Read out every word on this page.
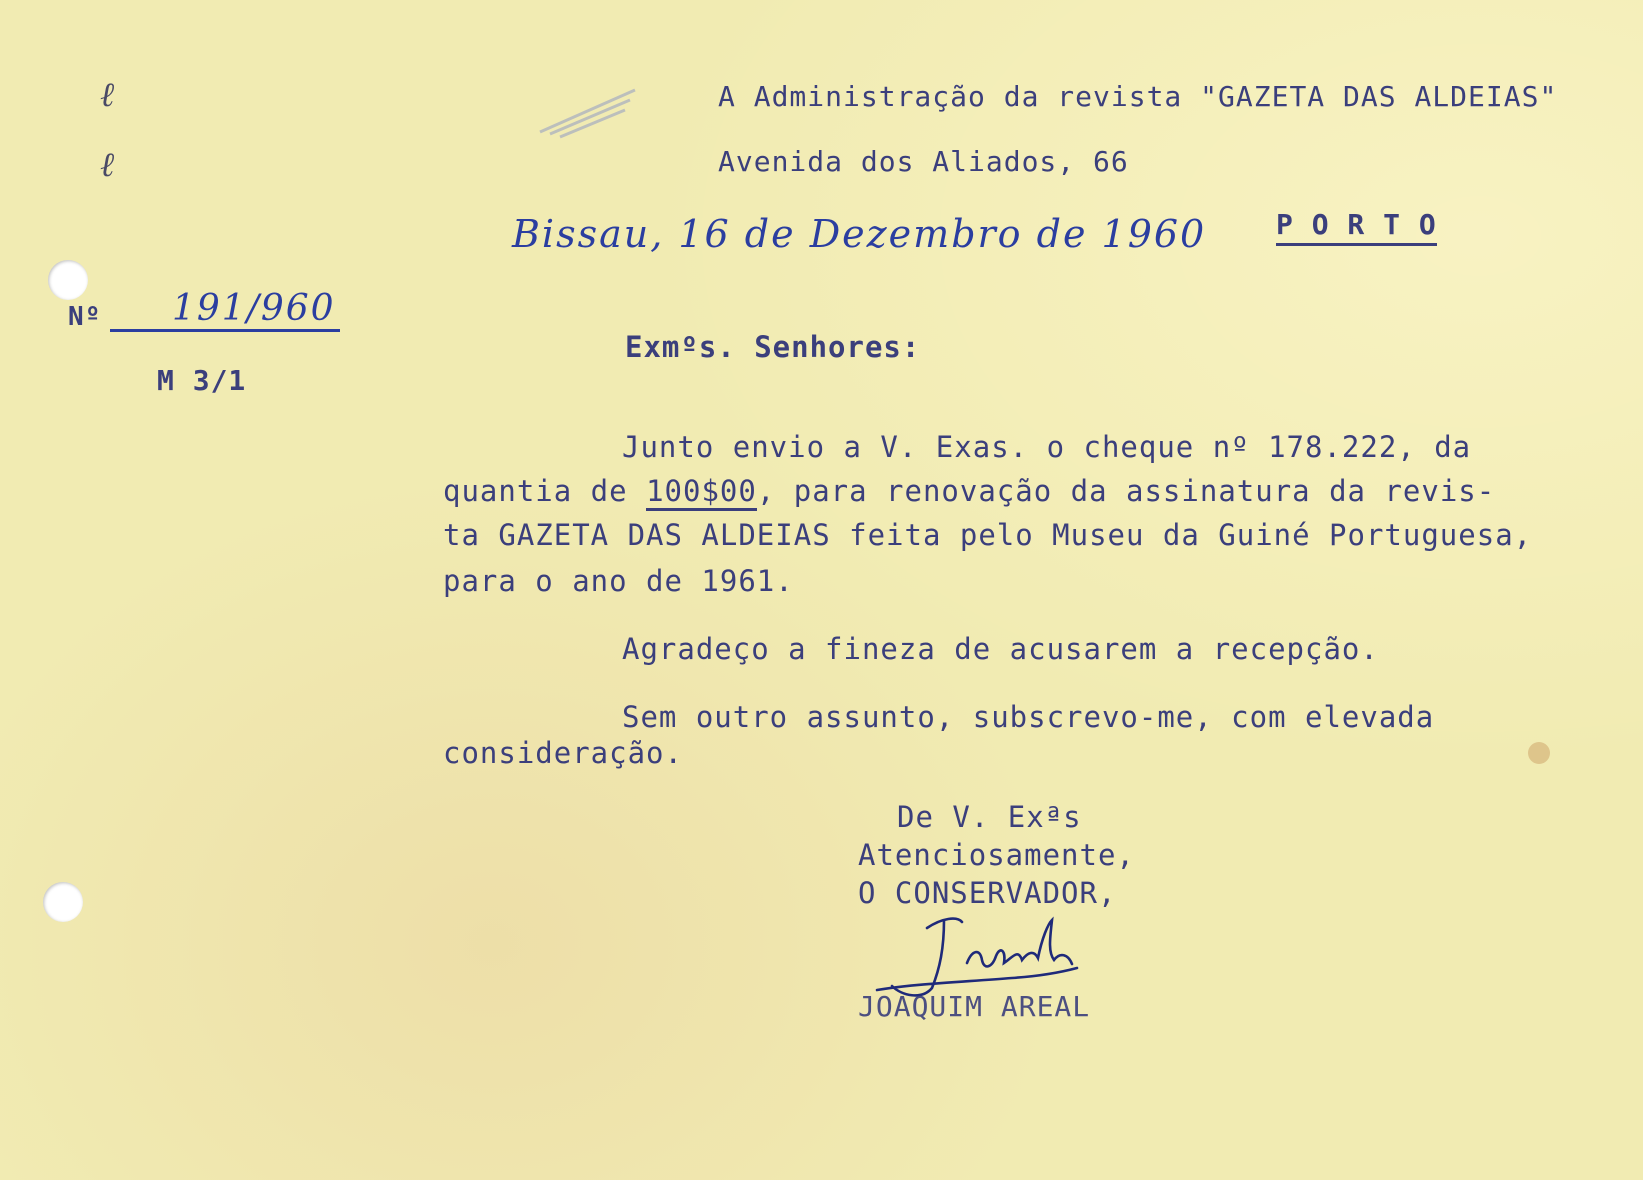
ℓ ℓ
A Administração da revista "GAZETA DAS ALDEIAS"
Avenida dos Aliados, 66
P O R T O
Bissau, 16 de Dezembro de 1960
Nº	191/960
M 3/1
Exmºs. Senhores:
Junto envio a V. Exas. o cheque nº 178.222, da
quantia de 100$00, para renovação da assinatura da revis-
ta GAZETA DAS ALDEIAS feita pelo Museu da Guiné Portuguesa,
para o ano de 1961.
Agradeço a fineza de acusarem a recepção.
Sem outro assunto, subscrevo-me, com elevada
consideração.
De V. Exªs
Atenciosamente,
O CONSERVADOR,
JOAQUIM AREAL
